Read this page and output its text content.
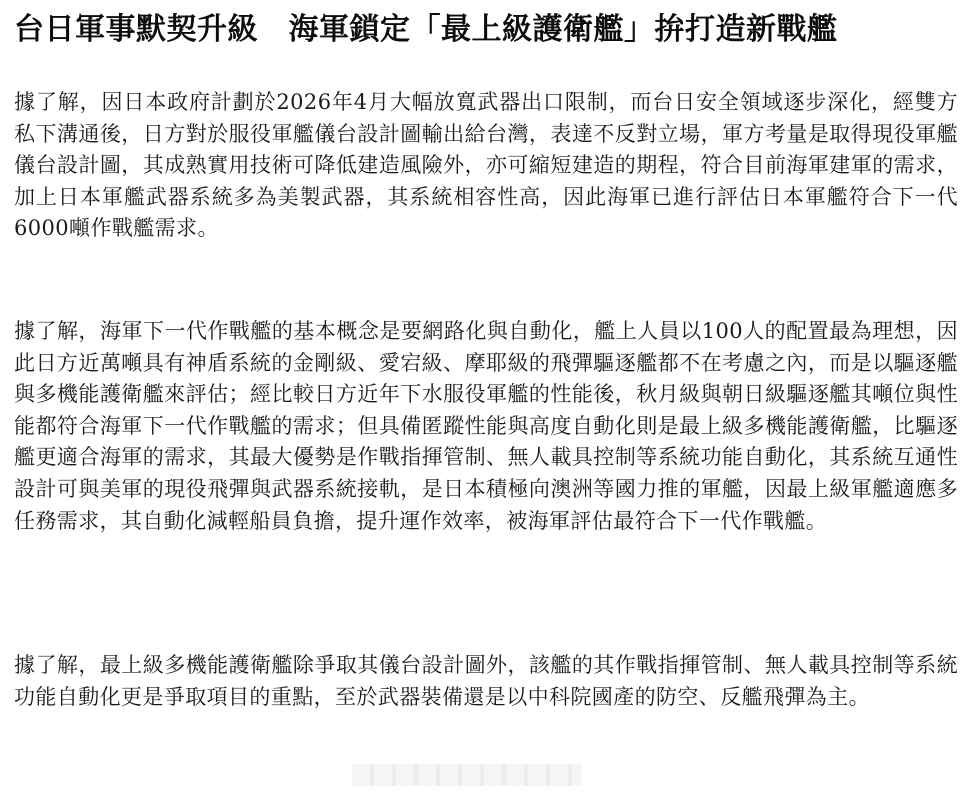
台日軍事默契升級　海軍鎖定「最上級護衛艦」拚打造新戰艦

據了解，因日本政府計劃於2026年4月大幅放寬武器出口限制，而台日安全領域逐步深化，經雙方私下溝通後，日方對於服役軍艦儀台設計圖輸出給台灣，表達不反對立場，軍方考量是取得現役軍艦儀台設計圖，其成熟實用技術可降低建造風險外，亦可縮短建造的期程，符合目前海軍建軍的需求，加上日本軍艦武器系統多為美製武器，其系統相容性高，因此海軍已進行評估日本軍艦符合下一代6000噸作戰艦需求。

據了解，海軍下一代作戰艦的基本概念是要網路化與自動化，艦上人員以100人的配置最為理想，因此日方近萬噸具有神盾系統的金剛級、愛宕級、摩耶級的飛彈驅逐艦都不在考慮之內，而是以驅逐艦與多機能護衛艦來評估；經比較日方近年下水服役軍艦的性能後，秋月級與朝日級驅逐艦其噸位與性能都符合海軍下一代作戰艦的需求；但具備匿蹤性能與高度自動化則是最上級多機能護衛艦，比驅逐艦更適合海軍的需求，其最大優勢是作戰指揮管制、無人載具控制等系統功能自動化，其系統互通性設計可與美軍的現役飛彈與武器系統接軌，是日本積極向澳洲等國力推的軍艦，因最上級軍艦適應多任務需求，其自動化減輕船員負擔，提升運作效率，被海軍評估最符合下一代作戰艦。

據了解，最上級多機能護衛艦除爭取其儀台設計圖外，該艦的其作戰指揮管制、無人載具控制等系統功能自動化更是爭取項目的重點，至於武器裝備還是以中科院國產的防空、反艦飛彈為主。
